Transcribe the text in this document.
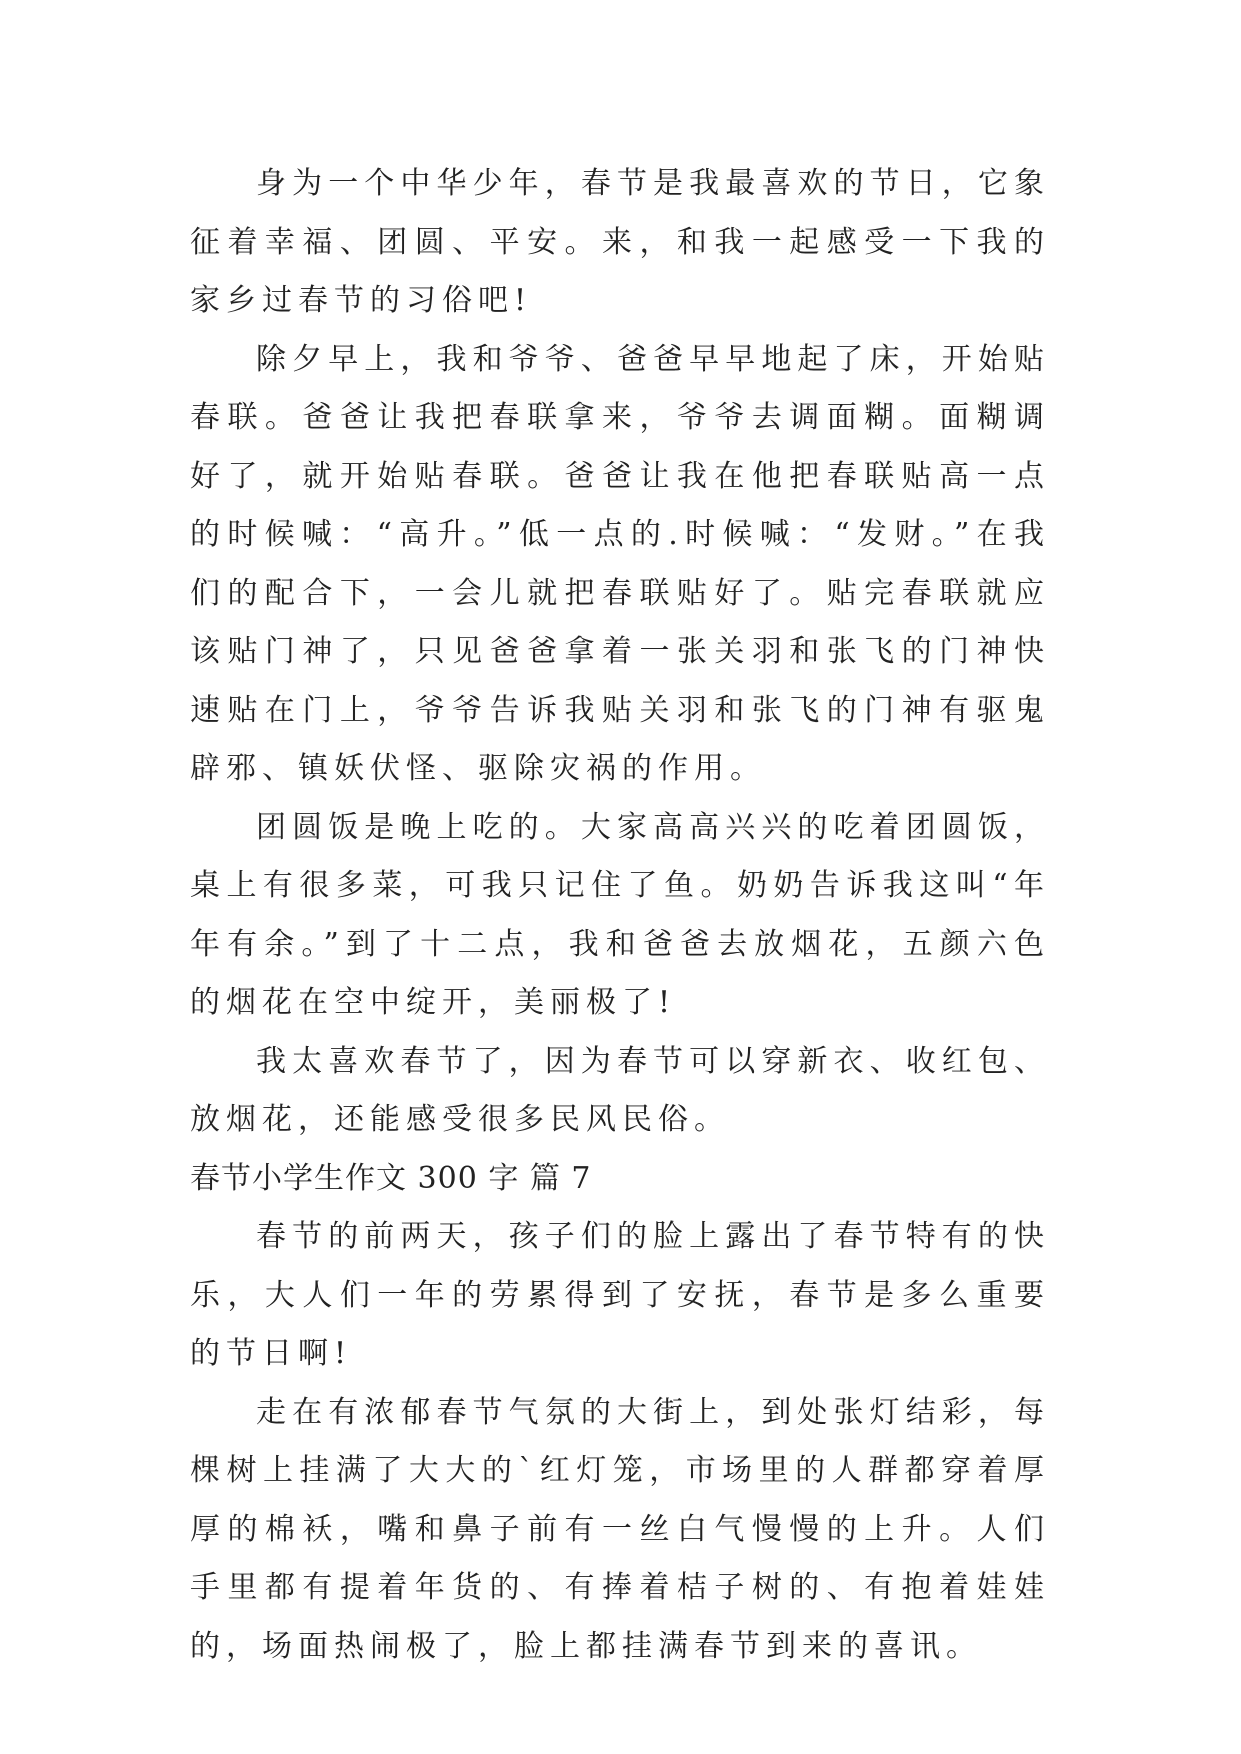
身为一个中华少年，春节是我最喜欢的节日，它象征着幸福、团圆、平安。来，和我一起感受一下我的家乡过春节的习俗吧!

除夕早上，我和爷爷、爸爸早早地起了床，开始贴春联。爸爸让我把春联拿来，爷爷去调面糊。面糊调好了，就开始贴春联。爸爸让我在他把春联贴高一点的时候喊：“高升。”低一点的.时候喊：“发财。”在我们的配合下，一会儿就把春联贴好了。贴完春联就应该贴门神了，只见爸爸拿着一张关羽和张飞的门神快速贴在门上，爷爷告诉我贴关羽和张飞的门神有驱鬼辟邪、镇妖伏怪、驱除灾祸的作用。

团圆饭是晚上吃的。大家高高兴兴的吃着团圆饭，桌上有很多菜，可我只记住了鱼。奶奶告诉我这叫“年年有余。”到了十二点，我和爸爸去放烟花，五颜六色的烟花在空中绽开，美丽极了!

我太喜欢春节了，因为春节可以穿新衣、收红包、放烟花，还能感受很多民风民俗。

春节小学生作文 300 字 篇 7

春节的前两天，孩子们的脸上露出了春节特有的快乐，大人们一年的劳累得到了安抚，春节是多么重要的节日啊!

走在有浓郁春节气氛的大街上，到处张灯结彩，每棵树上挂满了大大的`红灯笼，市场里的人群都穿着厚厚的棉袄，嘴和鼻子前有一丝白气慢慢的上升。人们手里都有提着年货的、有捧着桔子树的、有抱着娃娃的，场面热闹极了，脸上都挂满春节到来的喜讯。
